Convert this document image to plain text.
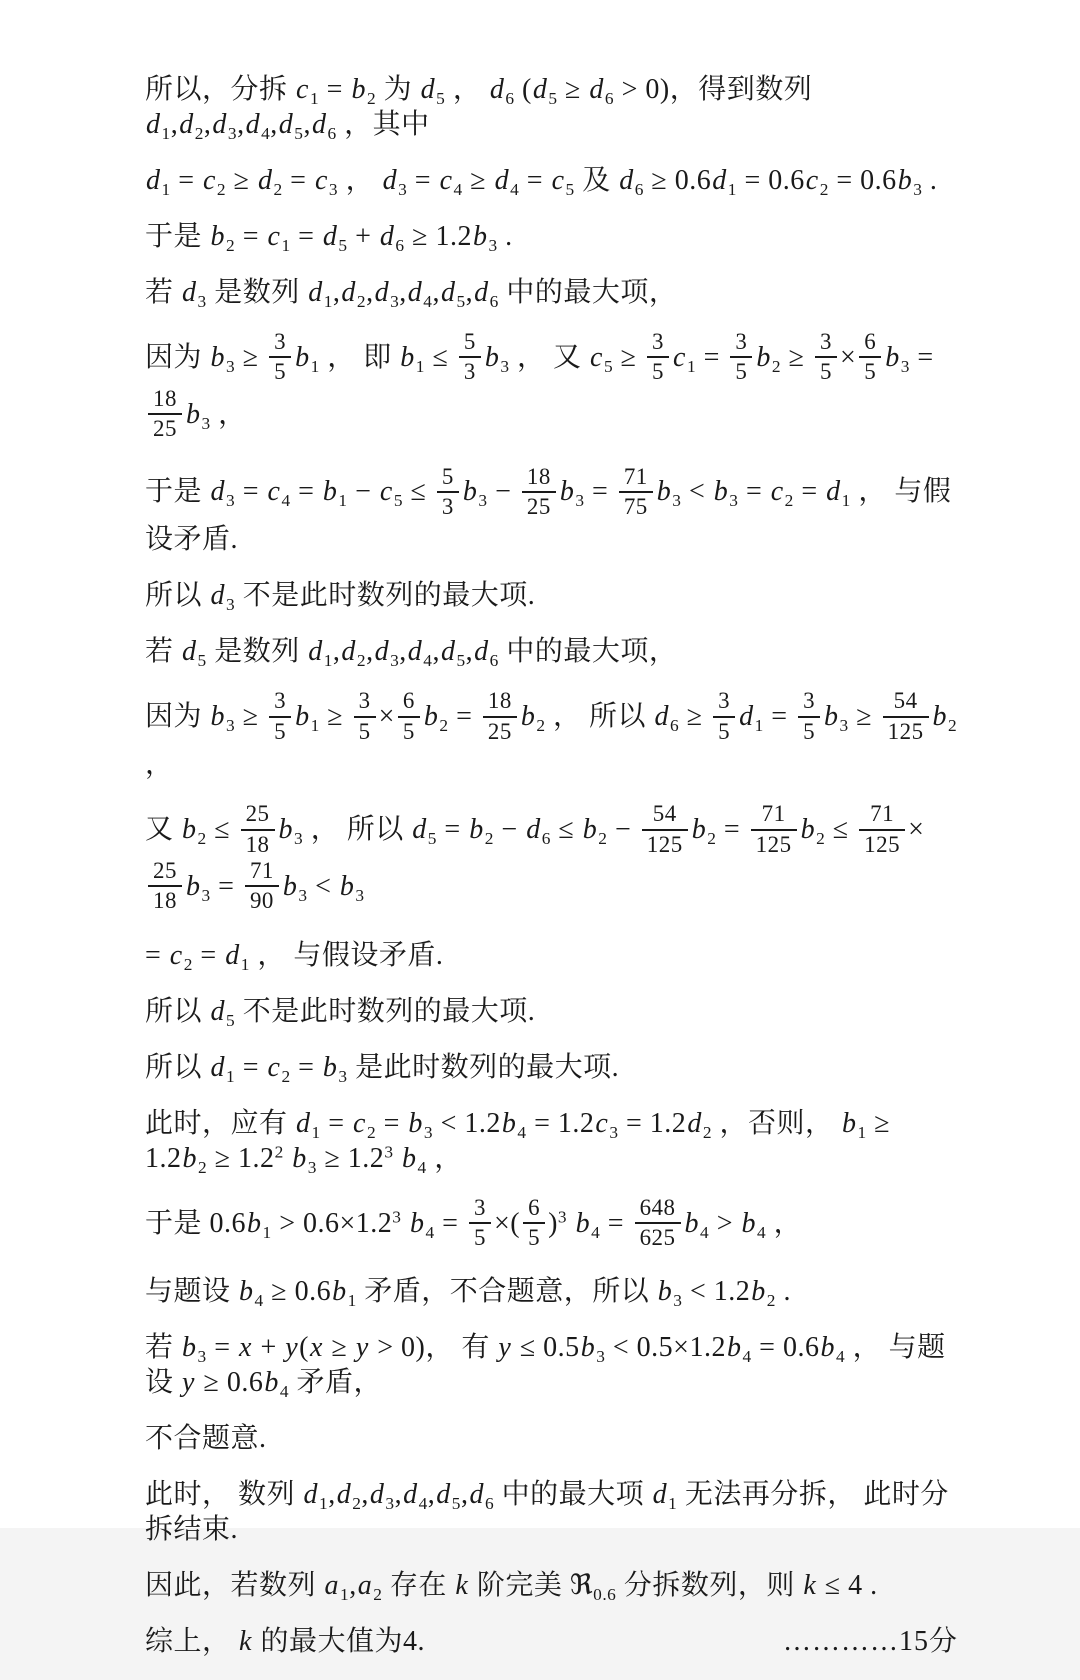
所以，分拆 $c_1 = b_2$ 为 $d_5$ ， $d_6$ $(d_5 \ge d_6 > 0)$，得到数列 $d_1,d_2,d_3,d_4,d_5,d_6$ ，其中
$d_1 = c_2 \ge d_2 = c_3$ ， $d_3 = c_4 \ge d_4 = c_5$ 及 $d_6 \ge 0.6d_1 = 0.6c_2 = 0.6b_3$ .
于是 $b_2 = c_1 = d_5 + d_6 \ge 1.2b_3$ .
若 $d_3$ 是数列 $d_1,d_2,d_3,d_4,d_5,d_6$ 中的最大项，
因为 $b_3 \ge \frac{3}{5} b_1$ ， 即 $b_1 \le \frac{5}{3} b_3$ ， 又 $c_5 \ge \frac{3}{5} c_1 = \frac{3}{5} b_2 \ge \frac{3}{5} \times \frac{6}{5} b_3$ =
$\frac{18}{25} b_3$ ，
于是 $d_3 = c_4 = b_1 - c_5 \le \frac{5}{3} b_3 - \frac{18}{25} b_3 = \frac{71}{75} b_3 < b_3 = c_2 = d_1$ ， 与假设矛盾.
所以 $d_3$ 不是此时数列的最大项.
若 $d_5$ 是数列 $d_1,d_2,d_3,d_4,d_5,d_6$ 中的最大项，
因为 $b_3 \ge \frac{3}{5} b_1 \ge \frac{3}{5} \times \frac{6}{5} b_2 = \frac{18}{25} b_2$ ， 所以 $d_6 \ge \frac{3}{5} d_1 = \frac{3}{5} b_3 \ge \frac{54}{125} b_2$ ，
又 $b_2 \le \frac{25}{18} b_3$ ， 所以 $d_5 = b_2 - d_6 \le b_2 - \frac{54}{125} b_2 = \frac{71}{125} b_2 \le \frac{71}{125}$ ×
$\frac{25}{18} b_3 = \frac{71}{90} b_3 < b_3$
= $c_2 = d_1$ ， 与假设矛盾.
所以 $d_5$ 不是此时数列的最大项.
所以 $d_1 = c_2 = b_3$ 是此时数列的最大项.
此时，应有 $d_1 = c_2 = b_3 < 1.2b_4 = 1.2c_3 = 1.2d_2$ ，否则， $b_1 \ge 1.2b_2 \ge 1.2^2$ $b_3 \ge 1.2^3$ $b_4$ ，
于是 $0.6b_1 > 0.6\times 1.2^3$ $b_4 = \frac{3}{5}$ ×( $\frac{6}{5} )^3$ $b_4 = \frac{648}{625} b_4 > b_4$ ，
与题设 $b_4 \ge 0.6b_1$ 矛盾，不合题意，所以 $b_3 < 1.2b_2$ .
若 $b_3 = x + y(x \ge y > 0)$， 有 $y \le 0.5b_3 < 0.5\times 1.2b_4 = 0.6b_4$ ， 与题设 $y \ge 0.6b_4$ 矛盾，
不合题意.
此时， 数列 $d_1,d_2,d_3,d_4,d_5,d_6$ 中的最大项 $d_1$ 无法再分拆， 此时分拆结束.
因此，若数列 $a_1,a_2$ 存在 k 阶完美 ℜ$_{0.6}$ 分拆数列，则 k ≤ 4 .
综上， k 的最大值为4.	…………15分
